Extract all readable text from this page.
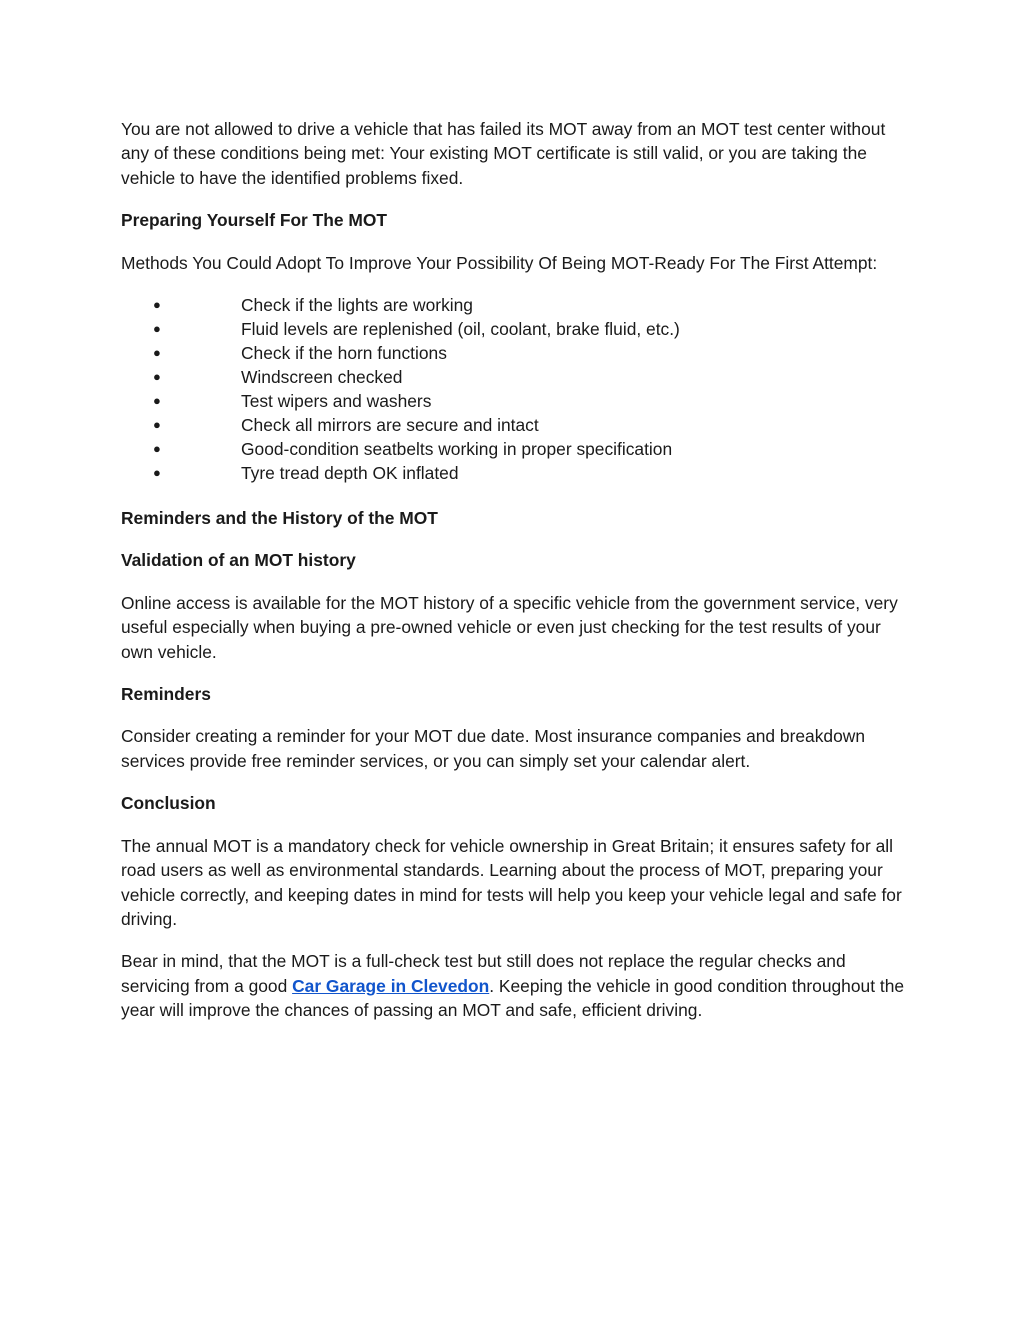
You are not allowed to drive a vehicle that has failed its MOT away from an MOT test center without any of these conditions being met: Your existing MOT certificate is still valid, or you are taking the vehicle to have the identified problems fixed.

Preparing Yourself For The MOT

Methods You Could Adopt To Improve Your Possibility Of Being MOT-Ready For The First Attempt:

●	Check if the lights are working
●	Fluid levels are replenished (oil, coolant, brake fluid, etc.)
●	Check if the horn functions
●	Windscreen checked
●	Test wipers and washers
●	Check all mirrors are secure and intact
●	Good-condition seatbelts working in proper specification
●	Tyre tread depth OK inflated

Reminders and the History of the MOT

Validation of an MOT history

Online access is available for the MOT history of a specific vehicle from the government service, very useful especially when buying a pre-owned vehicle or even just checking for the test results of your own vehicle.

Reminders

Consider creating a reminder for your MOT due date. Most insurance companies and breakdown services provide free reminder services, or you can simply set your calendar alert.

Conclusion

The annual MOT is a mandatory check for vehicle ownership in Great Britain; it ensures safety for all road users as well as environmental standards. Learning about the process of MOT, preparing your vehicle correctly, and keeping dates in mind for tests will help you keep your vehicle legal and safe for driving.

Bear in mind, that the MOT is a full-check test but still does not replace the regular checks and servicing from a good Car Garage in Clevedon. Keeping the vehicle in good condition throughout the year will improve the chances of passing an MOT and safe, efficient driving.
